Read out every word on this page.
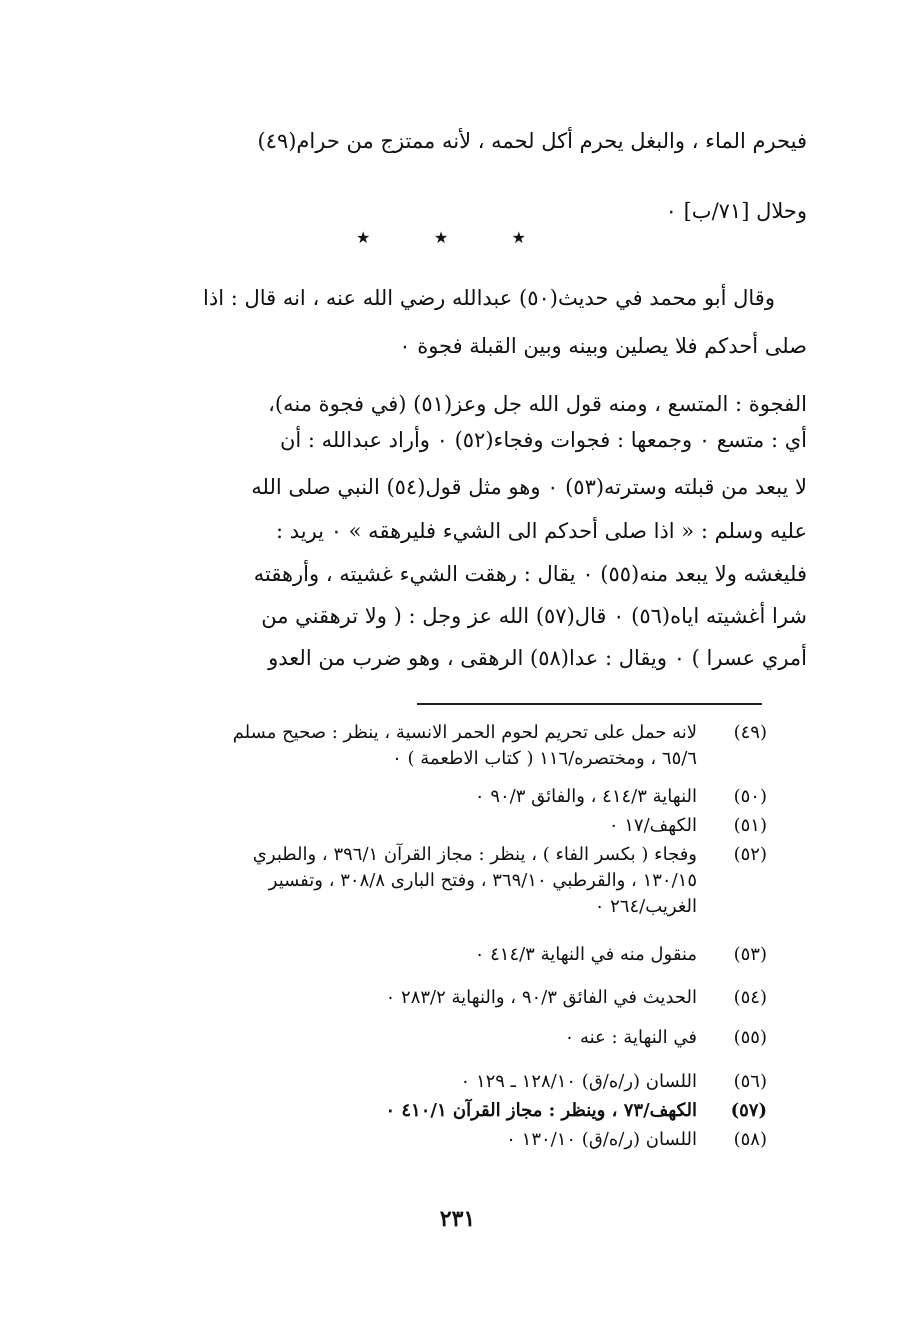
فيحرم الماء ، والبغل يحرم أكل لحمه ، لأنه ممتزج من حرام(٤٩)
وحلال [٧١/ب] ٠
★	★	★
وقال أبو محمد في حديث(٥٠) عبدالله رضي الله عنه ، انه قال : اذا
صلى أحدكم فلا يصلين وبينه وبين القبلة فجوة ٠
الفجوة : المتسع ، ومنه قول الله جل وعز(٥١) (في فجوة منه)،
أي : متسع ٠ وجمعها : فجوات وفجاء(٥٢) ٠ وأراد عبدالله : أن
لا يبعد من قبلته وسترته(٥٣) ٠ وهو مثل قول(٥٤) النبي صلى الله
عليه وسلم : « اذا صلى أحدكم الى الشيء فليرهقه » ٠ يريد :
فليغشه ولا يبعد منه(٥٥) ٠ يقال : رهقت الشيء غشيته ، وأرهقته
شرا أغشيته اياه(٥٦) ٠ قال(٥٧) الله عز وجل : ( ولا ترهقني من
أمري عسرا ) ٠ ويقال : عدا(٥٨) الرهقى ، وهو ضرب من العدو
(٤٩)
لانه حمل على تحريم لحوم الحمر الانسية ، ينظر : صحيح مسلم
٦٥/٦ ، ومختصره/١١٦ ( كتاب الاطعمة ) ٠
(٥٠)
النهاية ٤١٤/٣ ، والفائق ٩٠/٣ ٠
(٥١)
الكهف/١٧ ٠
(٥٢)
وفجاء ( بكسر الفاء ) ، ينظر : مجاز القرآن ٣٩٦/١ ، والطبري
١٣٠/١٥ ، والقرطبي ٣٦٩/١٠ ، وفتح البارى ٣٠٨/٨ ، وتفسير
الغريب/٢٦٤ ٠
(٥٣)
منقول منه في النهاية ٤١٤/٣ ٠
(٥٤)
الحديث في الفائق ٩٠/٣ ، والنهاية ٢٨٣/٢ ٠
(٥٥)
في النهاية : عنه ٠
(٥٦)
اللسان (ر/ه/ق) ١٢٨/١٠ ـ ١٢٩ ٠
(٥٧)
الكهف/٧٣ ، وينظر : مجاز القرآن ٤١٠/١ ٠
(٥٨)
اللسان (ر/ه/ق) ١٣٠/١٠ ٠
٢٣١
